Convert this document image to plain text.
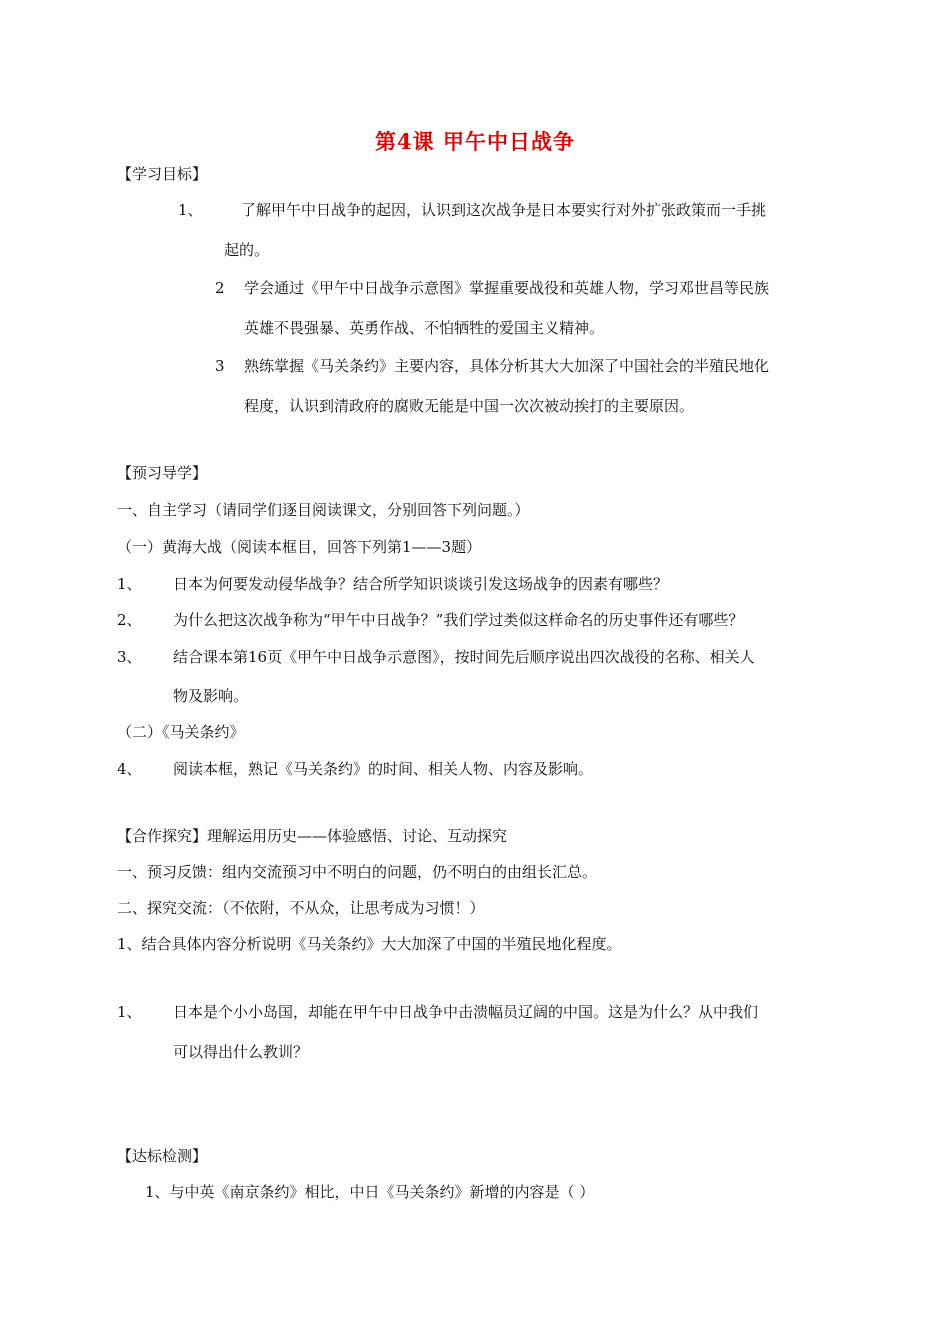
第4课 甲午中日战争
【学习目标】
1、	了解甲午中日战争的起因，认识到这次战争是日本要实行对外扩张政策而一手挑
起的。
2 学会通过《甲午中日战争示意图》掌握重要战役和英雄人物，学习邓世昌等民族
英雄不畏强暴、英勇作战、不怕牺牲的爱国主义精神。
3 熟练掌握《马关条约》主要内容，具体分析其大大加深了中国社会的半殖民地化
程度，认识到清政府的腐败无能是中国一次次被动挨打的主要原因。
【预习导学】
一、自主学习（请同学们逐目阅读课文，分别回答下列问题。）
（一）黄海大战（阅读本框目，回答下列第1——3题）
1、 日本为何要发动侵华战争？结合所学知识谈谈引发这场战争的因素有哪些？
2、 为什么把这次战争称为“甲午中日战争？”我们学过类似这样命名的历史事件还有哪些？
3、 结合课本第16页《甲午中日战争示意图》，按时间先后顺序说出四次战役的名称、相关人
物及影响。
（二）《马关条约》
4、 阅读本框，熟记《马关条约》的时间、相关人物、内容及影响。
【合作探究】理解运用历史——体验感悟、讨论、互动探究
一、预习反馈：组内交流预习中不明白的问题，仍不明白的由组长汇总。
二、探究交流：（不依附，不从众，让思考成为习惯！）
1、结合具体内容分析说明《马关条约》大大加深了中国的半殖民地化程度。
1、 日本是个小小岛国，却能在甲午中日战争中击溃幅员辽阔的中国。这是为什么？从中我们
可以得出什么教训？
【达标检测】
1、与中英《南京条约》相比，中日《马关条约》新增的内容是（ ）
